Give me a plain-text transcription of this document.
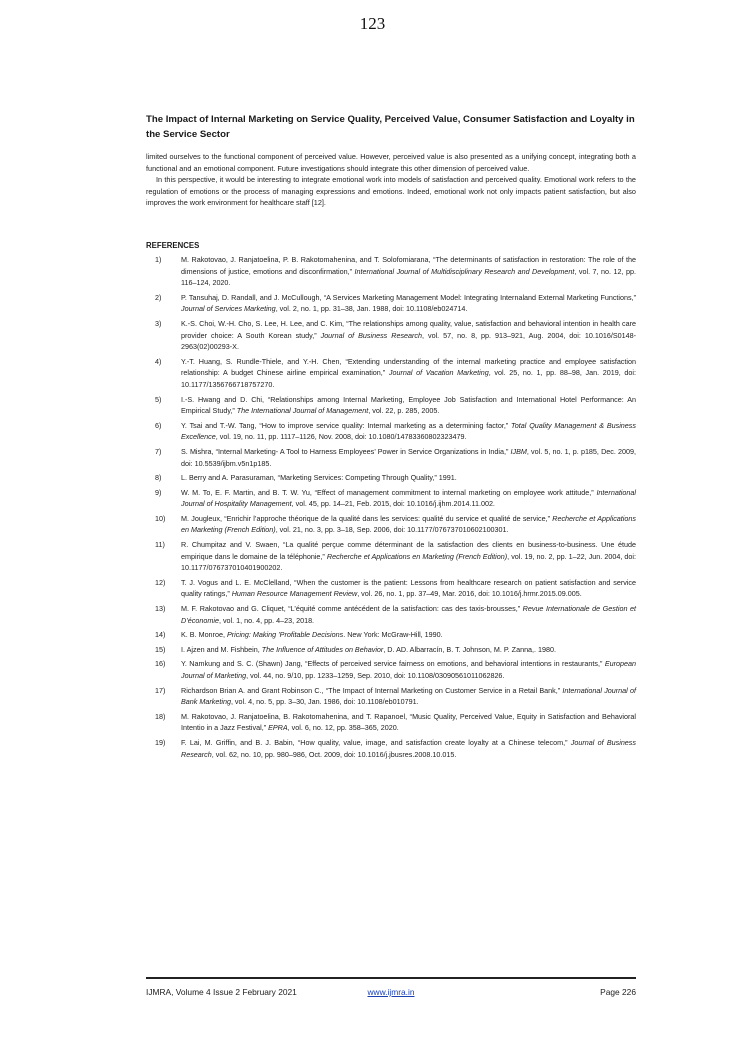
123
The Impact of Internal Marketing on Service Quality, Perceived Value, Consumer Satisfaction and Loyalty in the Service Sector

limited ourselves to the functional component of perceived value. However, perceived value is also presented as a unifying concept, integrating both a functional and an emotional component. Future investigations should integrate this other dimension of perceived value.

In this perspective, it would be interesting to integrate emotional work into models of satisfaction and perceived quality. Emotional work refers to the regulation of emotions or the process of managing expressions and emotions. Indeed, emotional work not only impacts patient satisfaction, but also improves the work environment for healthcare staff [12].

REFERENCES
1)	M. Rakotovao, J. Ranjatoelina, P. B. Rakotomahenina, and T. Solofomiarana, “The determinants of satisfaction in restoration: The role of the dimensions of justice, emotions and disconfirmation,” International Journal of Multidisciplinary Research and Development, vol. 7, no. 12, pp. 116–124, 2020.
2)	P. Tansuhaj, D. Randall, and J. McCullough, “A Services Marketing Management Model: Integrating Internaland External Marketing Functions,” Journal of Services Marketing, vol. 2, no. 1, pp. 31–38, Jan. 1988, doi: 10.1108/eb024714.
3)	K.-S. Choi, W.-H. Cho, S. Lee, H. Lee, and C. Kim, “The relationships among quality, value, satisfaction and behavioral intention in health care provider choice: A South Korean study,” Journal of Business Research, vol. 57, no. 8, pp. 913–921, Aug. 2004, doi: 10.1016/S0148-2963(02)00293-X.
4)	Y.-T. Huang, S. Rundle-Thiele, and Y.-H. Chen, “Extending understanding of the internal marketing practice and employee satisfaction relationship: A budget Chinese airline empirical examination,” Journal of Vacation Marketing, vol. 25, no. 1, pp. 88–98, Jan. 2019, doi: 10.1177/1356766718757270.
5)	I.-S. Hwang and D. Chi, “Relationships among Internal Marketing, Employee Job Satisfaction and International Hotel Performance: An Empirical Study,” The International Journal of Management, vol. 22, p. 285, 2005.
6)	Y. Tsai and T.-W. Tang, “How to improve service quality: Internal marketing as a determining factor,” Total Quality Management & Business Excellence, vol. 19, no. 11, pp. 1117–1126, Nov. 2008, doi: 10.1080/14783360802323479.
7)	S. Mishra, “Internal Marketing- A Tool to Harness Employees’ Power in Service Organizations in India,” IJBM, vol. 5, no. 1, p. p185, Dec. 2009, doi: 10.5539/ijbm.v5n1p185.
8)	L. Berry and A. Parasuraman, “Marketing Services: Competing Through Quality,” 1991.
9)	W. M. To, E. F. Martin, and B. T. W. Yu, “Effect of management commitment to internal marketing on employee work attitude,” International Journal of Hospitality Management, vol. 45, pp. 14–21, Feb. 2015, doi: 10.1016/j.ijhm.2014.11.002.
10) M. Jougleux, “Enrichir l’approche théorique de la qualité dans les services: qualité du service et qualité de service,” Recherche et Applications en Marketing (French Edition), vol. 21, no. 3, pp. 3–18, Sep. 2006, doi: 10.1177/076737010602100301.
11) R. Chumpitaz and V. Swaen, “La qualité perçue comme déterminant de la satisfaction des clients en business-to-business. Une étude empirique dans le domaine de la téléphonie,” Recherche et Applications en Marketing (French Edition), vol. 19, no. 2, pp. 1–22, Jun. 2004, doi: 10.1177/076737010401900202.
12) T. J. Vogus and L. E. McClelland, “When the customer is the patient: Lessons from healthcare research on patient satisfaction and service quality ratings,” Human Resource Management Review, vol. 26, no. 1, pp. 37–49, Mar. 2016, doi: 10.1016/j.hrmr.2015.09.005.
13) M. F. Rakotovao and G. Cliquet, “L’équité comme antécédent de la satisfaction: cas des taxis-brousses,” Revue Internationale de Gestion et D’économie, vol. 1, no. 4, pp. 4–23, 2018.
14) K. B. Monroe, Pricing: Making ’Profitable Decisions. New York: McGraw-Hill, 1990.
15) I. Ajzen and M. Fishbein, The Influence of Attitudes on Behavior, D. AD. Albarracín, B. T. Johnson, M. P. Zanna,. 1980.
16) Y. Namkung and S. C. (Shawn) Jang, “Effects of perceived service fairness on emotions, and behavioral intentions in restaurants,” European Journal of Marketing, vol. 44, no. 9/10, pp. 1233–1259, Sep. 2010, doi: 10.1108/03090561011062826.
17) Richardson Brian A. and Grant Robinson C., “The Impact of Internal Marketing on Customer Service in a Retail Bank,” International Journal of Bank Marketing, vol. 4, no. 5, pp. 3–30, Jan. 1986, doi: 10.1108/eb010791.
18) M. Rakotovao, J. Ranjatoelina, B. Rakotomahenina, and T. Rapanoel, “Music Quality, Perceived Value, Equity in Satisfaction and Behavioral Intentio in a Jazz Festival,” EPRA, vol. 6, no. 12, pp. 358–365, 2020.
19) F. Lai, M. Griffin, and B. J. Babin, “How quality, value, image, and satisfaction create loyalty at a Chinese telecom,” Journal of Business Research, vol. 62, no. 10, pp. 980–986, Oct. 2009, doi: 10.1016/j.jbusres.2008.10.015.
IJMRA, Volume 4 Issue 2 February 2021	www.ijmra.in	Page 226
